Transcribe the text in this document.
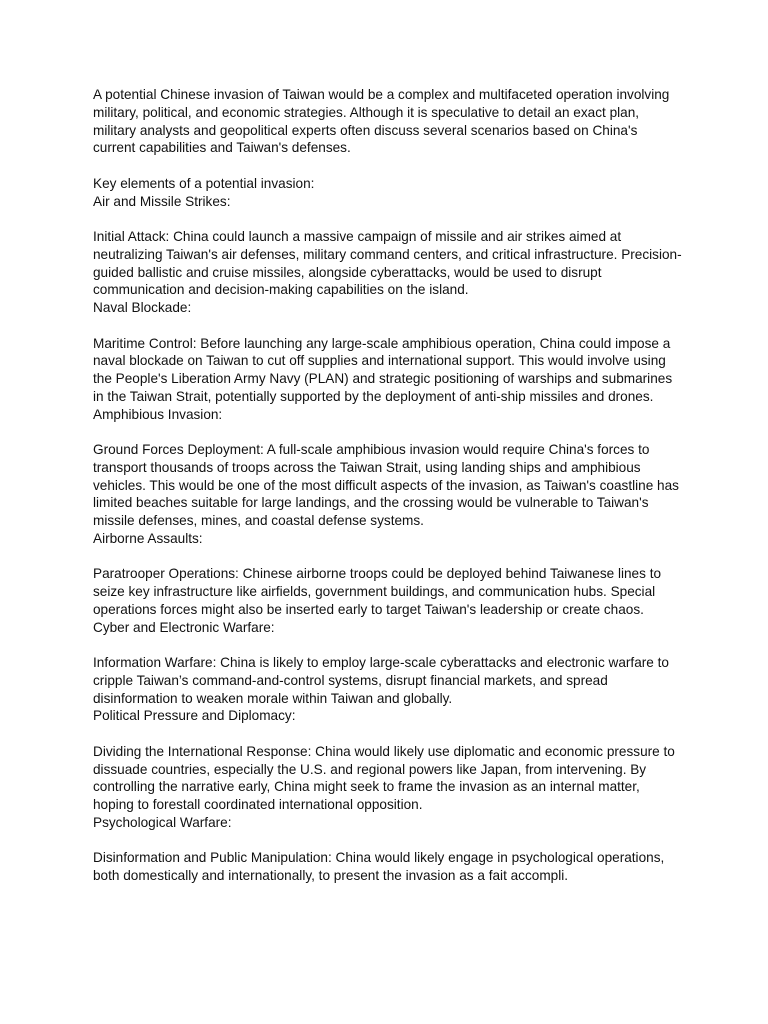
A potential Chinese invasion of Taiwan would be a complex and multifaceted operation involving military, political, and economic strategies. Although it is speculative to detail an exact plan, military analysts and geopolitical experts often discuss several scenarios based on China's current capabilities and Taiwan's defenses.

Key elements of a potential invasion:

Air and Missile Strikes:

Initial Attack: China could launch a massive campaign of missile and air strikes aimed at neutralizing Taiwan's air defenses, military command centers, and critical infrastructure. Precision-guided ballistic and cruise missiles, alongside cyberattacks, would be used to disrupt communication and decision-making capabilities on the island.

Naval Blockade:

Maritime Control: Before launching any large-scale amphibious operation, China could impose a naval blockade on Taiwan to cut off supplies and international support. This would involve using the People's Liberation Army Navy (PLAN) and strategic positioning of warships and submarines in the Taiwan Strait, potentially supported by the deployment of anti-ship missiles and drones.

Amphibious Invasion:

Ground Forces Deployment: A full-scale amphibious invasion would require China's forces to transport thousands of troops across the Taiwan Strait, using landing ships and amphibious vehicles. This would be one of the most difficult aspects of the invasion, as Taiwan's coastline has limited beaches suitable for large landings, and the crossing would be vulnerable to Taiwan's missile defenses, mines, and coastal defense systems.

Airborne Assaults:

Paratrooper Operations: Chinese airborne troops could be deployed behind Taiwanese lines to seize key infrastructure like airfields, government buildings, and communication hubs. Special operations forces might also be inserted early to target Taiwan's leadership or create chaos.

Cyber and Electronic Warfare:

Information Warfare: China is likely to employ large-scale cyberattacks and electronic warfare to cripple Taiwan’s command-and-control systems, disrupt financial markets, and spread disinformation to weaken morale within Taiwan and globally.

Political Pressure and Diplomacy:

Dividing the International Response: China would likely use diplomatic and economic pressure to dissuade countries, especially the U.S. and regional powers like Japan, from intervening. By controlling the narrative early, China might seek to frame the invasion as an internal matter, hoping to forestall coordinated international opposition.

Psychological Warfare:

Disinformation and Public Manipulation: China would likely engage in psychological operations, both domestically and internationally, to present the invasion as a fait accompli.
